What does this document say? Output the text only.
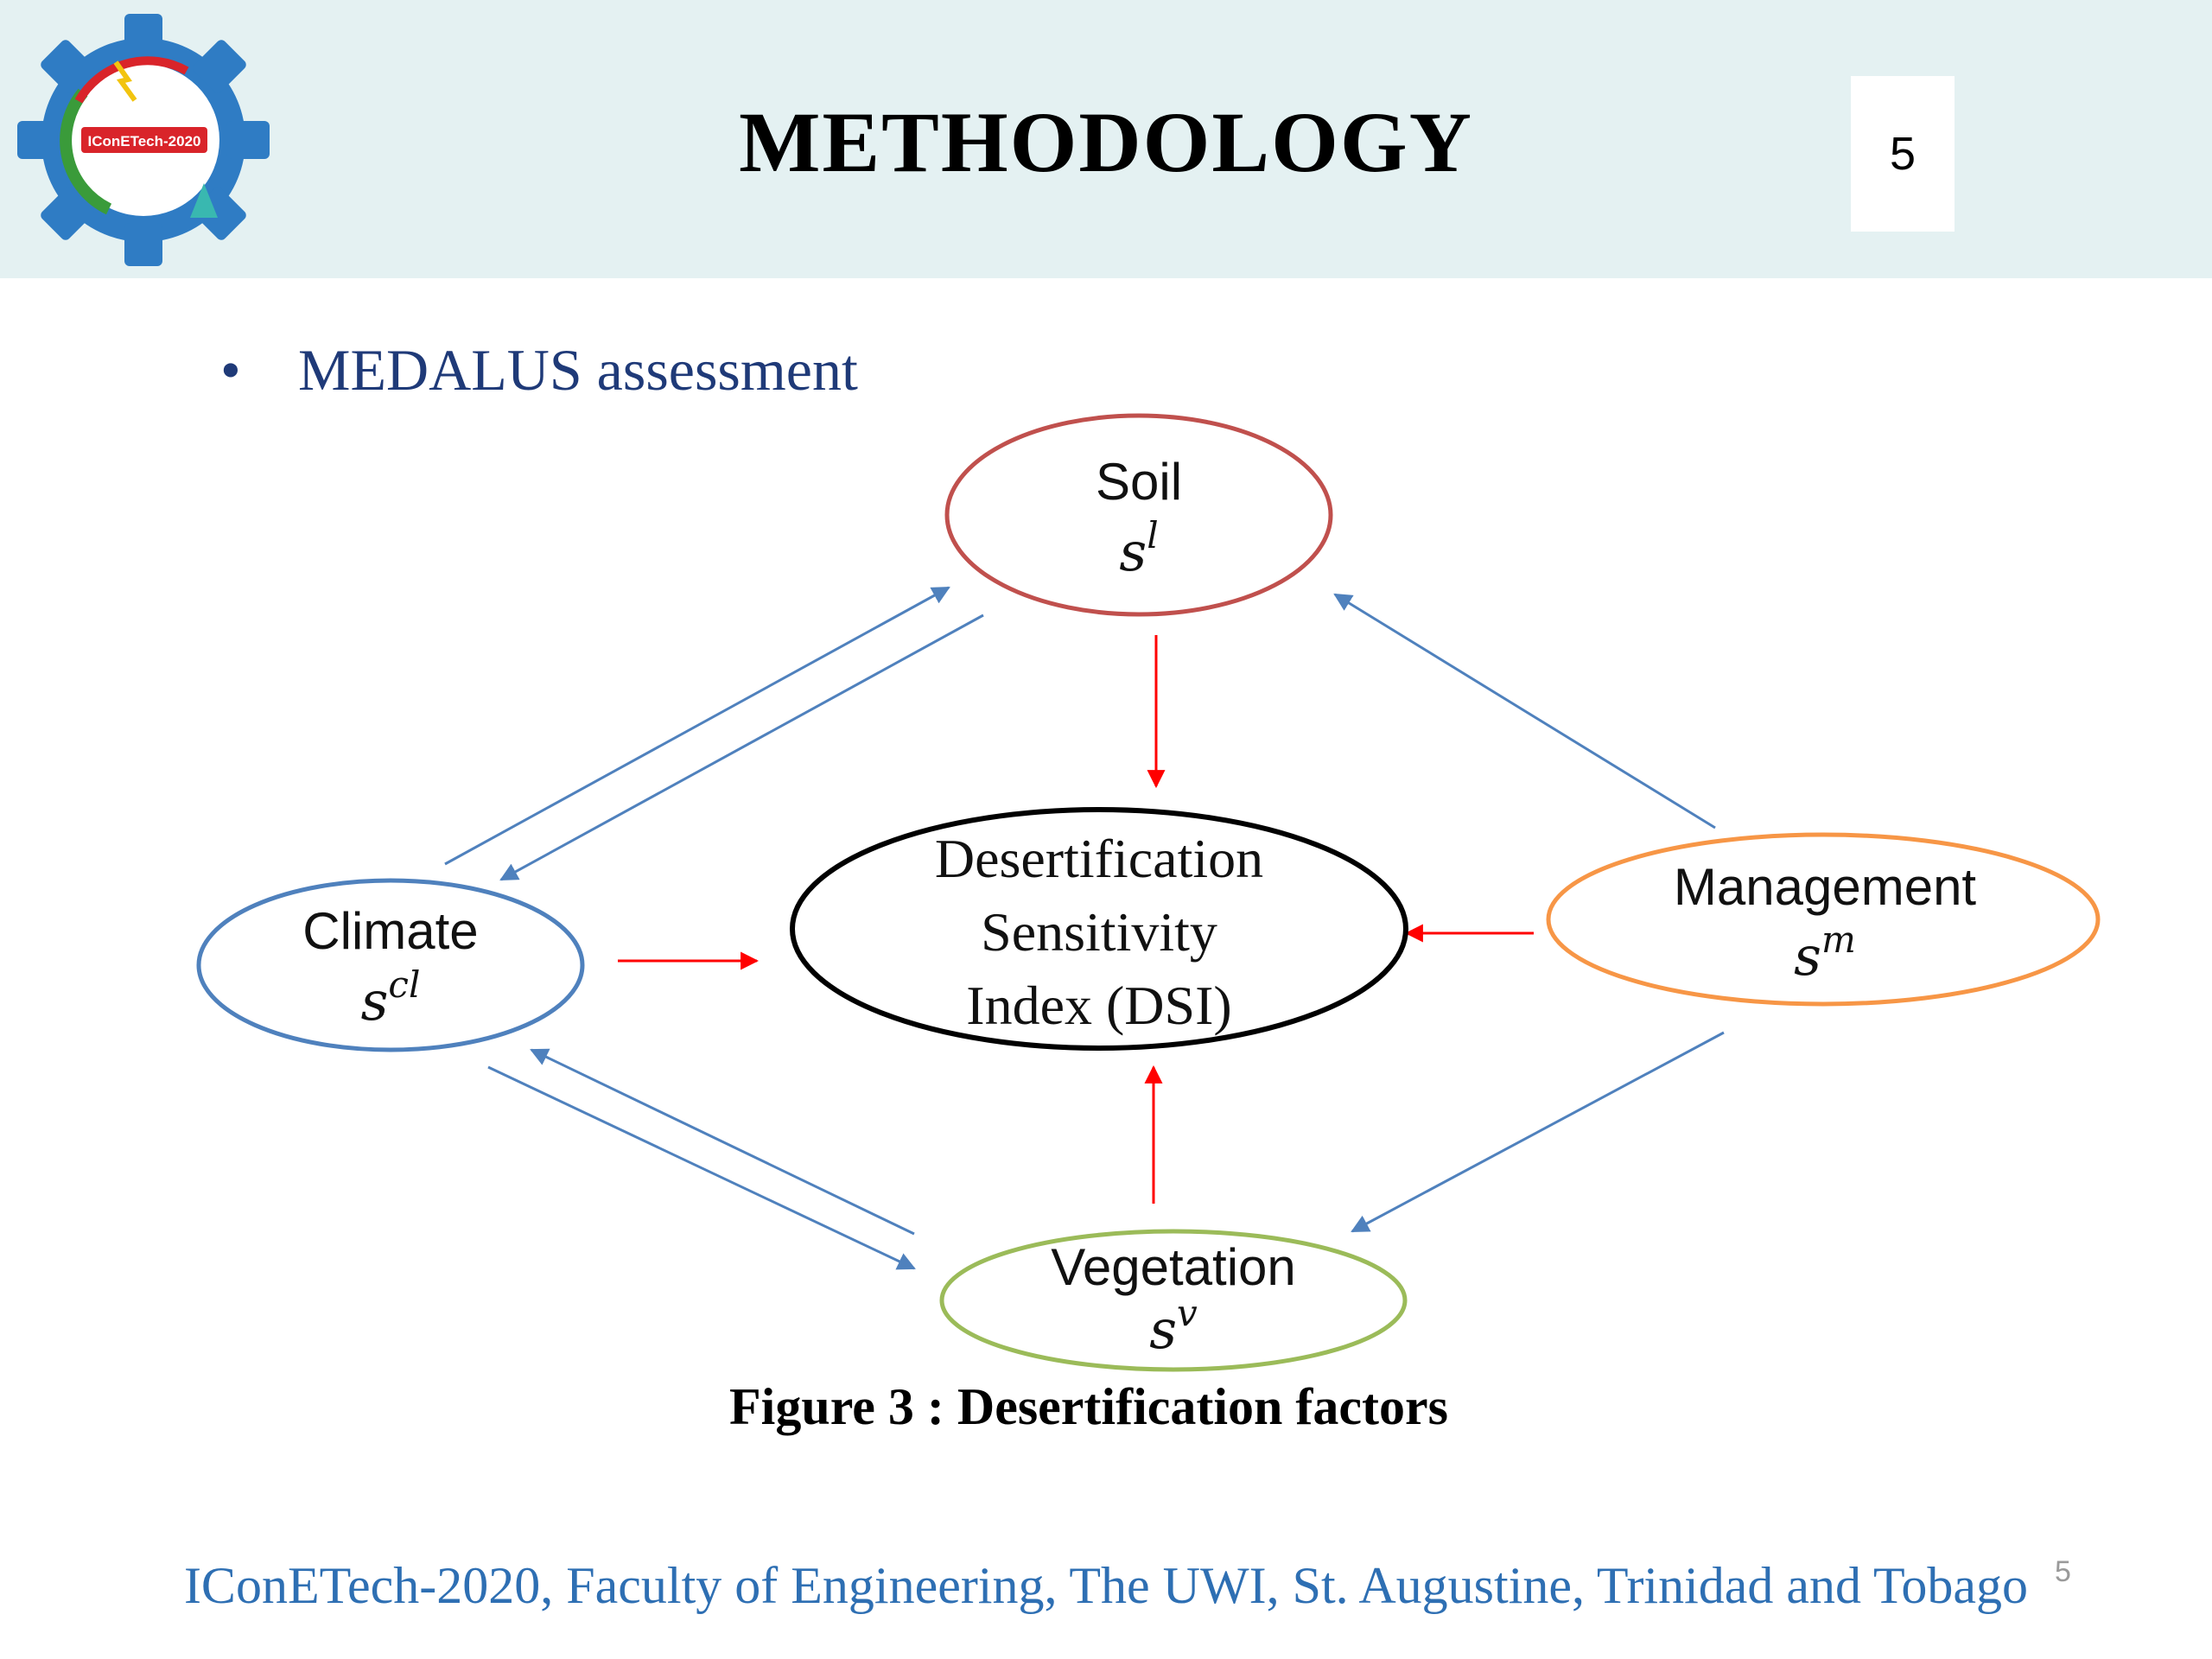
IConETech-2020	METHODOLOGY	5
• MEDALUS assessment
Soil
sl
Climate
scl
Management
sm
Vegetation
sv
Desertification
Sensitivity
Index (DSI)
Figure 3 : Desertification factors
IConETech-2020, Faculty of Engineering, The UWI, St. Augustine, Trinidad and Tobago 5
